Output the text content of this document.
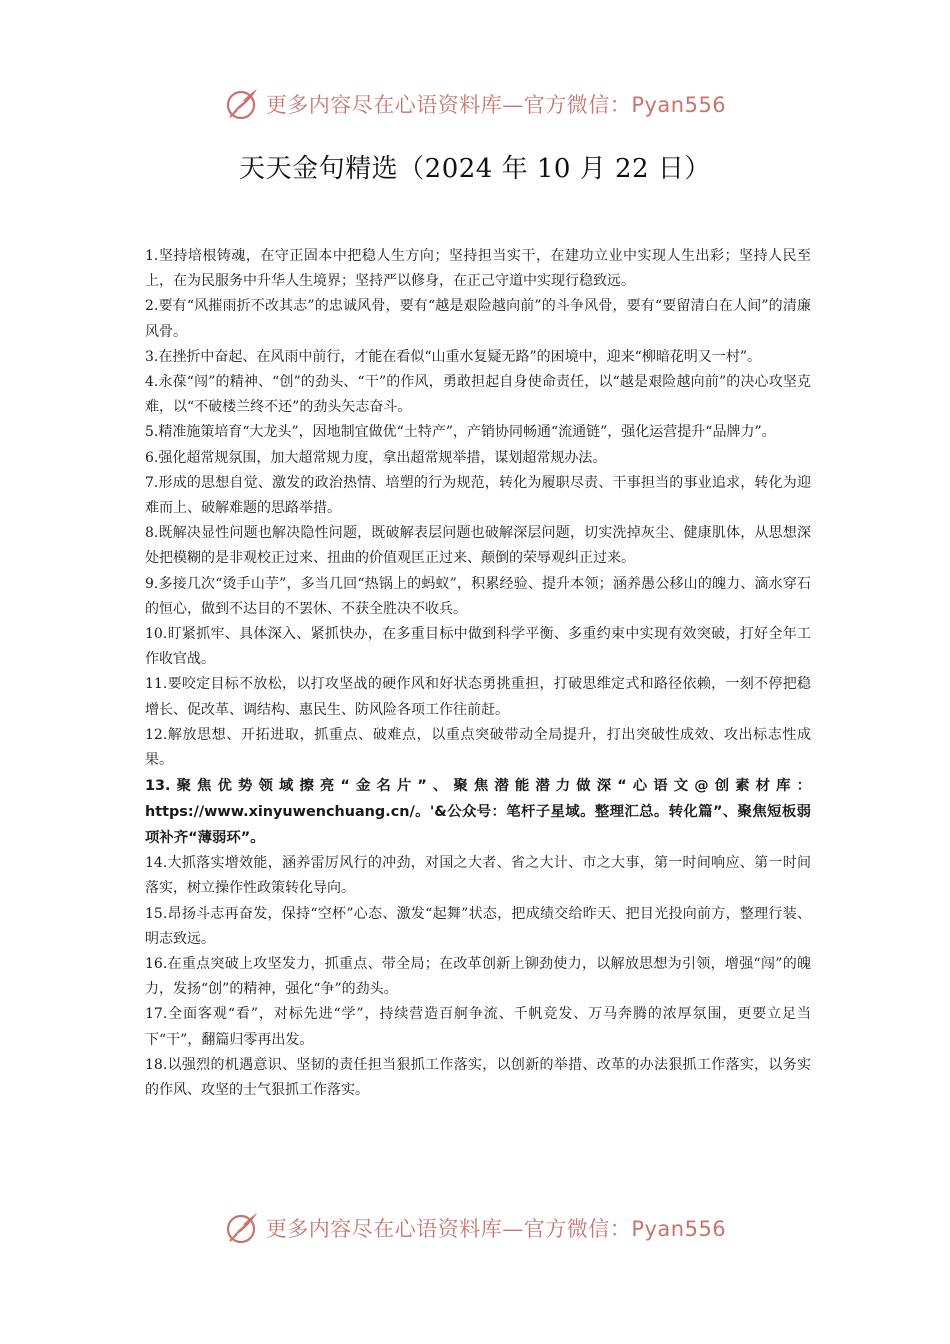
更多内容尽在心语资料库—官方微信：Pyan556
天天金句精选（2024 年 10 月 22 日）

1.坚持培根铸魂，在守正固本中把稳人生方向；坚持担当实干，在建功立业中实现人生出彩；坚持人民至上，在为民服务中升华人生境界；坚持严以修身，在正己守道中实现行稳致远。

2.要有“风摧雨折不改其志”的忠诚风骨，要有“越是艰险越向前”的斗争风骨，要有“要留清白在人间”的清廉风骨。

3.在挫折中奋起、在风雨中前行，才能在看似“山重水复疑无路”的困境中，迎来“柳暗花明又一村”。

4.永葆“闯”的精神、“创”的劲头、“干”的作风，勇敢担起自身使命责任，以“越是艰险越向前”的决心攻坚克难，以“不破楼兰终不还”的劲头矢志奋斗。

5.精准施策培育“大龙头”，因地制宜做优“土特产”，产销协同畅通“流通链”，强化运营提升“品牌力”。

6.强化超常规氛围，加大超常规力度，拿出超常规举措，谋划超常规办法。

7.形成的思想自觉、激发的政治热情、培塑的行为规范，转化为履职尽责、干事担当的事业追求，转化为迎难而上、破解难题的思路举措。

8.既解决显性问题也解决隐性问题，既破解表层问题也破解深层问题，切实洗掉灰尘、健康肌体，从思想深处把模糊的是非观校正过来、扭曲的价值观匡正过来、颠倒的荣辱观纠正过来。

9.多接几次“烫手山芋”，多当几回“热锅上的蚂蚁”，积累经验、提升本领；涵养愚公移山的魄力、滴水穿石的恒心，做到不达目的不罢休、不获全胜决不收兵。

10.盯紧抓牢、具体深入、紧抓快办，在多重目标中做到科学平衡、多重约束中实现有效突破，打好全年工作收官战。

11.要咬定目标不放松，以打攻坚战的硬作风和好状态勇挑重担，打破思维定式和路径依赖，一刻不停把稳增长、促改革、调结构、惠民生、防风险各项工作往前赶。

12.解放思想、开拓进取，抓重点、破难点，以重点突破带动全局提升，打出突破性成效、攻出标志性成果。

13.聚焦优势领域擦亮“金名片”、聚焦潜能潜力做深“心语文@创素材库：https://www.xinyuwenchuang.cn/。'&公众号：笔杆子星域。整理汇总。转化篇”、聚焦短板弱项补齐“薄弱环”。

14.大抓落实增效能，涵养雷厉风行的冲劲，对国之大者、省之大计、市之大事，第一时间响应、第一时间落实，树立操作性政策转化导向。

15.昂扬斗志再奋发，保持“空杯”心态、激发“起舞”状态，把成绩交给昨天、把目光投向前方，整理行装、明志致远。

16.在重点突破上攻坚发力，抓重点、带全局；在改革创新上铆劲使力，以解放思想为引领，增强“闯”的魄力，发扬“创”的精神，强化“争”的劲头。

17.全面客观“看”，对标先进“学”，持续营造百舸争流、千帆竞发、万马奔腾的浓厚氛围，更要立足当下“干”，翻篇归零再出发。

18.以强烈的机遇意识、坚韧的责任担当狠抓工作落实，以创新的举措、改革的办法狠抓工作落实，以务实的作风、攻坚的士气狠抓工作落实。

更多内容尽在心语资料库—官方微信：Pyan556
